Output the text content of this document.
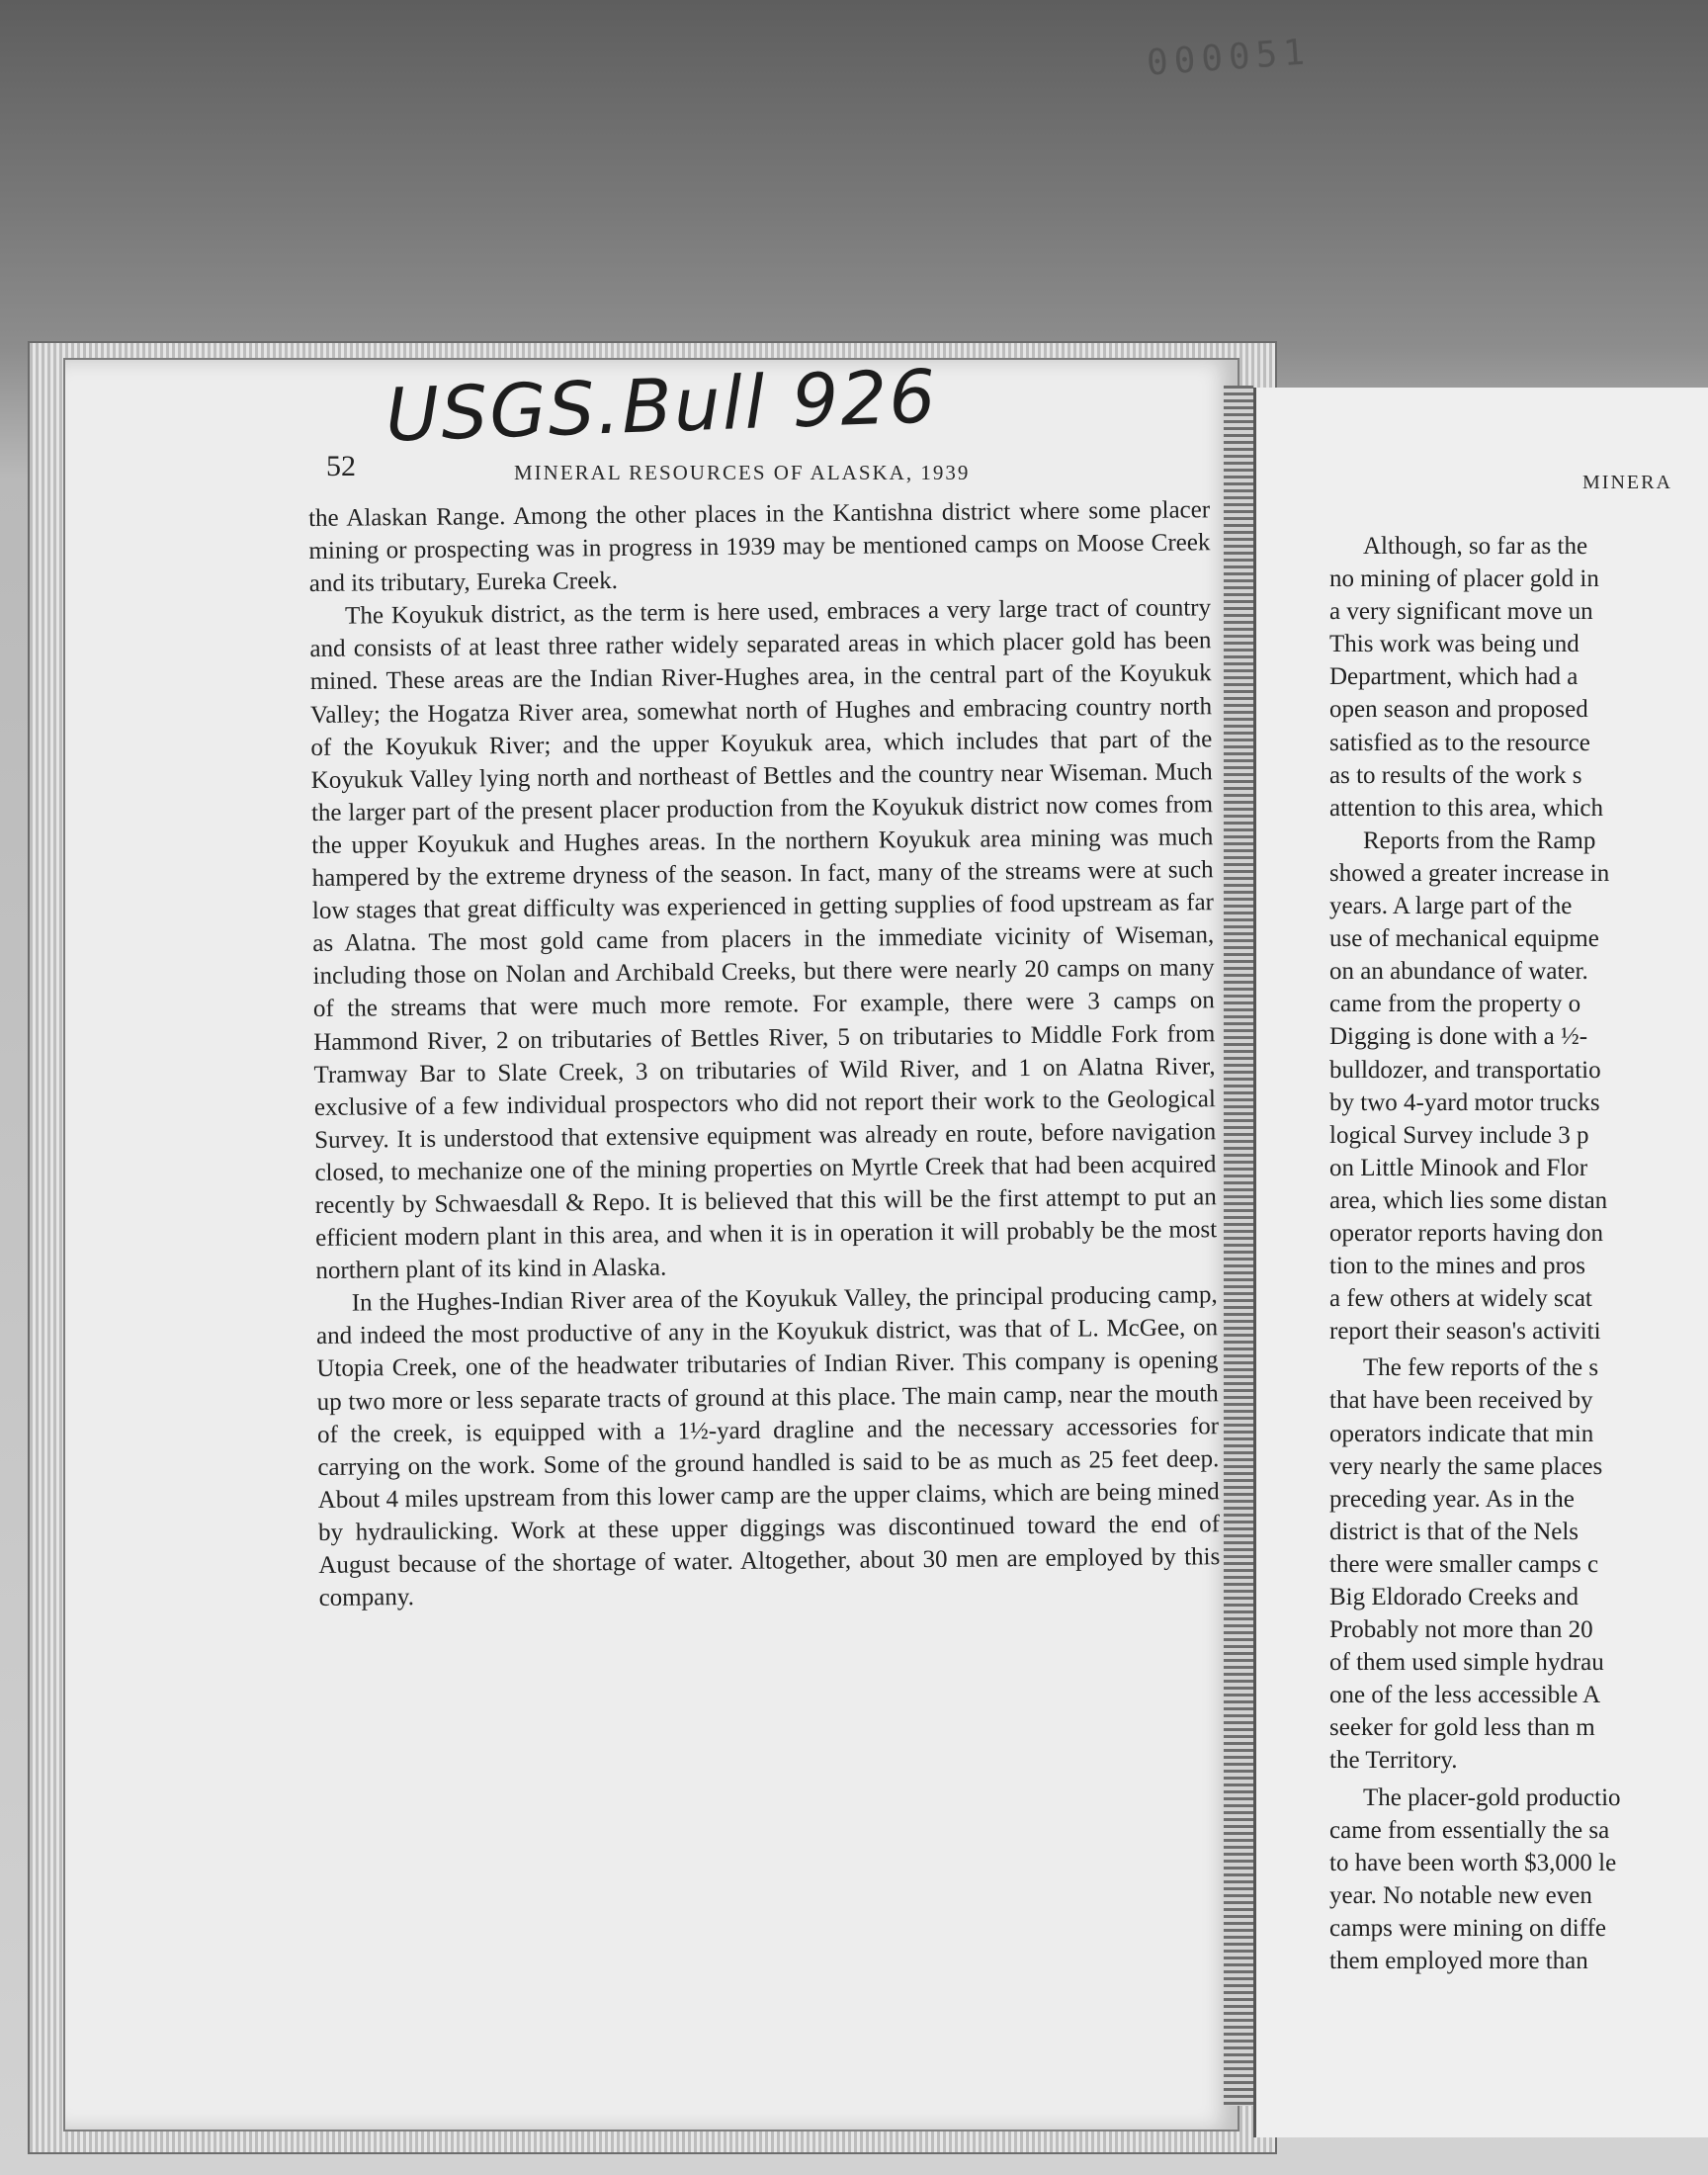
000051
USGS.Bull 926
52	MINERAL RESOURCES OF ALASKA, 1939

the Alaskan Range. Among the other places in the Kantishna district where some placer mining or prospecting was in progress in 1939 may be mentioned camps on Moose Creek and its tributary, Eureka Creek.

The Koyukuk district, as the term is here used, embraces a very large tract of country and consists of at least three rather widely separated areas in which placer gold has been mined. These areas are the Indian River-Hughes area, in the central part of the Koyukuk Valley; the Hogatza River area, somewhat north of Hughes and embracing country north of the Koyukuk River; and the upper Koyukuk area, which includes that part of the Koyukuk Valley lying north and northeast of Bettles and the country near Wiseman. Much the larger part of the present placer production from the Koyukuk district now comes from the upper Koyukuk and Hughes areas. In the northern Koyukuk area mining was much hampered by the extreme dryness of the season. In fact, many of the streams were at such low stages that great difficulty was experienced in getting supplies of food upstream as far as Alatna. The most gold came from placers in the immediate vicinity of Wiseman, including those on Nolan and Archibald Creeks, but there were nearly 20 camps on many of the streams that were much more remote. For example, there were 3 camps on Hammond River, 2 on tributaries of Bettles River, 5 on tributaries to Middle Fork from Tramway Bar to Slate Creek, 3 on tributaries of Wild River, and 1 on Alatna River, exclusive of a few individual prospectors who did not report their work to the Geological Survey. It is understood that extensive equipment was already en route, before navigation closed, to mechanize one of the mining properties on Myrtle Creek that had been acquired recently by Schwaesdall & Repo. It is believed that this will be the first attempt to put an efficient modern plant in this area, and when it is in operation it will probably be the most northern plant of its kind in Alaska.

In the Hughes-Indian River area of the Koyukuk Valley, the principal producing camp, and indeed the most productive of any in the Koyukuk district, was that of L. McGee, on Utopia Creek, one of the headwater tributaries of Indian River. This company is opening up two more or less separate tracts of ground at this place. The main camp, near the mouth of the creek, is equipped with a 1½-yard dragline and the necessary accessories for carrying on the work. Some of the ground handled is said to be as much as 25 feet deep. About 4 miles upstream from this lower camp are the upper claims, which are being mined by hydraulicking. Work at these upper diggings was discontinued toward the end of August because of the shortage of water. Altogether, about 30 men are employed by this company.

MINERA
Although, so far as the
no mining of placer gold in
a very significant move un
This work was being und
Department, which had a
open season and proposed
satisfied as to the resource
as to results of the work s
attention to this area, which
Reports from the Ramp
showed a greater increase in
years. A large part of the
use of mechanical equipme
on an abundance of water.
came from the property o
Digging is done with a ½-
bulldozer, and transportatio
by two 4-yard motor trucks
logical Survey include 3 p
on Little Minook and Flor
area, which lies some distan
operator reports having don
tion to the mines and pros
a few others at widely scat
report their season's activiti
The few reports of the s
that have been received by
operators indicate that min
very nearly the same places
preceding year. As in the
district is that of the Nels
there were smaller camps c
Big Eldorado Creeks and
Probably not more than 20
of them used simple hydrau
one of the less accessible A
seeker for gold less than m
the Territory.
The placer-gold productio
came from essentially the sa
to have been worth $3,000 le
year. No notable new even
camps were mining on diffe
them employed more than
